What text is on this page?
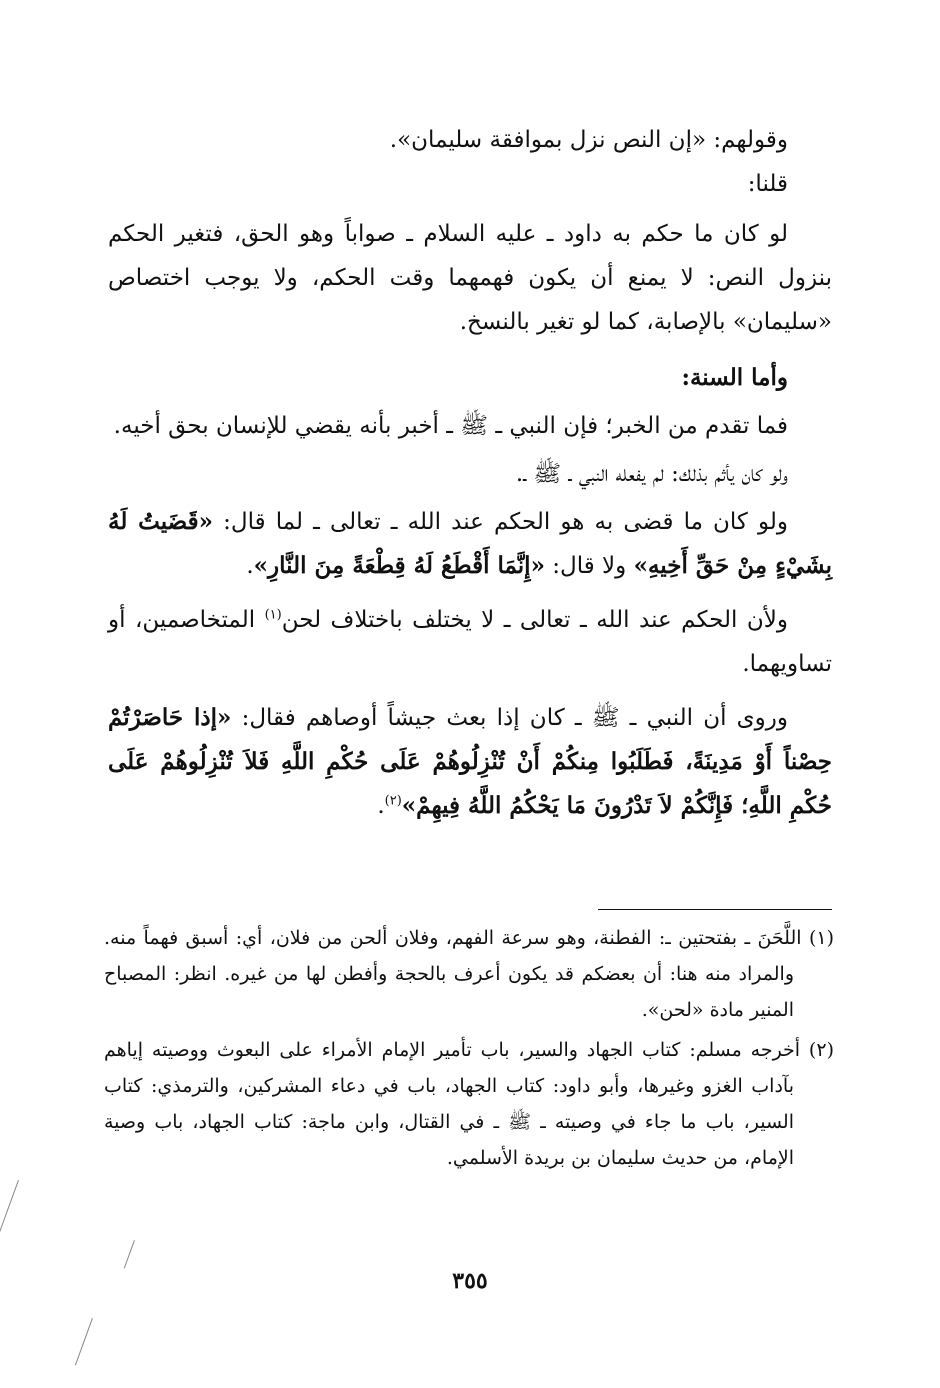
وقولهم: «إن النص نزل بموافقة سليمان».

قلنا:

لو كان ما حكم به داود ـ عليه السلام ـ صواباً وهو الحق، فتغير الحكم بنزول النص: لا يمنع أن يكون فهمهما وقت الحكم، ولا يوجب اختصاص «سليمان» بالإصابة، كما لو تغير بالنسخ.

وأما السنة:

فما تقدم من الخبر؛ فإن النبي ـ ﷺ ـ أخبر بأنه يقضي للإنسان بحق أخيه.

ولو كان يأثم بذلك: لم يفعله النبي ـ ﷺ ـ.

ولو كان ما قضى به هو الحكم عند الله ـ تعالى ـ لما قال: «قَضَيتُ لَهُ بِشَيْءٍ مِنْ حَقِّ أَخِيهِ» ولا قال: «إِنَّمَا أَقْطَعُ لَهُ قِطْعَةً مِنَ النَّارِ».

ولأن الحكم عند الله ـ تعالى ـ لا يختلف باختلاف لحن$^{(١)}$ المتخاصمين، أو تساويهما.

وروى أن النبي ـ ﷺ ـ كان إذا بعث جيشاً أوصاهم فقال: «إذا حَاصَرْتُمْ حِصْناً أَوْ مَدِينَةً، فَطَلَبُوا مِنكُمْ أَنْ تُنْزِلُوهُمْ عَلَى حُكْمِ اللَّهِ فَلاَ تُنْزِلُوهُمْ عَلَى حُكْمِ اللَّهِ؛ فَإِنَّكُمْ لاَ تَدْرُونَ مَا يَحْكُمُ اللَّهُ فِيهِمْ»$^{(٢)}$.

(١) اللَّحَنَ ـ بفتحتين ـ: الفطنة، وهو سرعة الفهم، وفلان ألحن من فلان، أي: أسبق فهماً منه. والمراد منه هنا: أن بعضكم قد يكون أعرف بالحجة وأفطن لها من غيره. انظر: المصباح المنير مادة «لحن».

(٢) أخرجه مسلم: كتاب الجهاد والسير، باب تأمير الإمام الأمراء على البعوث ووصيته إياهم بآداب الغزو وغيرها، وأبو داود: كتاب الجهاد، باب في دعاء المشركين، والترمذي: كتاب السير، باب ما جاء في وصيته ـ ﷺ ـ في القتال، وابن ماجة: كتاب الجهاد، باب وصية الإمام، من حديث سليمان بن بريدة الأسلمي.

٣٥٥
